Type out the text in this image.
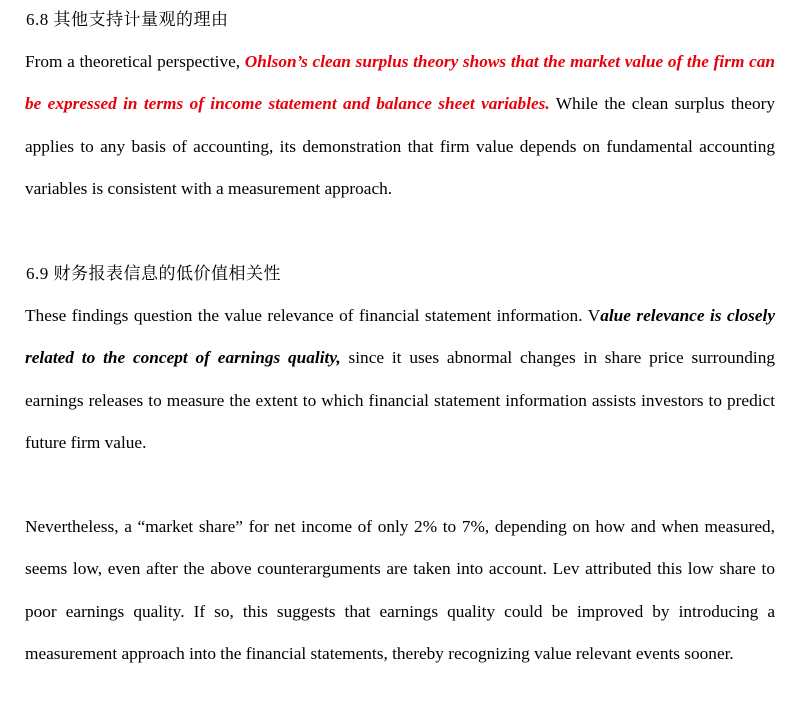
6.8 其他支持计量观的理由

From a theoretical perspective, Ohlson’s clean surplus theory shows that the market value of the firm can be expressed in terms of income statement and balance sheet variables. While the clean surplus theory applies to any basis of accounting, its demonstration that firm value depends on fundamental accounting variables is consistent with a measurement approach.

6.9 财务报表信息的低价值相关性

These findings question the value relevance of financial statement information. Value relevance is closely related to the concept of earnings quality, since it uses abnormal changes in share price surrounding earnings releases to measure the extent to which financial statement information assists investors to predict future firm value.

Nevertheless, a “market share” for net income of only 2% to 7%, depending on how and when measured, seems low, even after the above counterarguments are taken into account. Lev attributed this low share to poor earnings quality. If so, this suggests that earnings quality could be improved by introducing a measurement approach into the financial statements, thereby recognizing value relevant events sooner.
